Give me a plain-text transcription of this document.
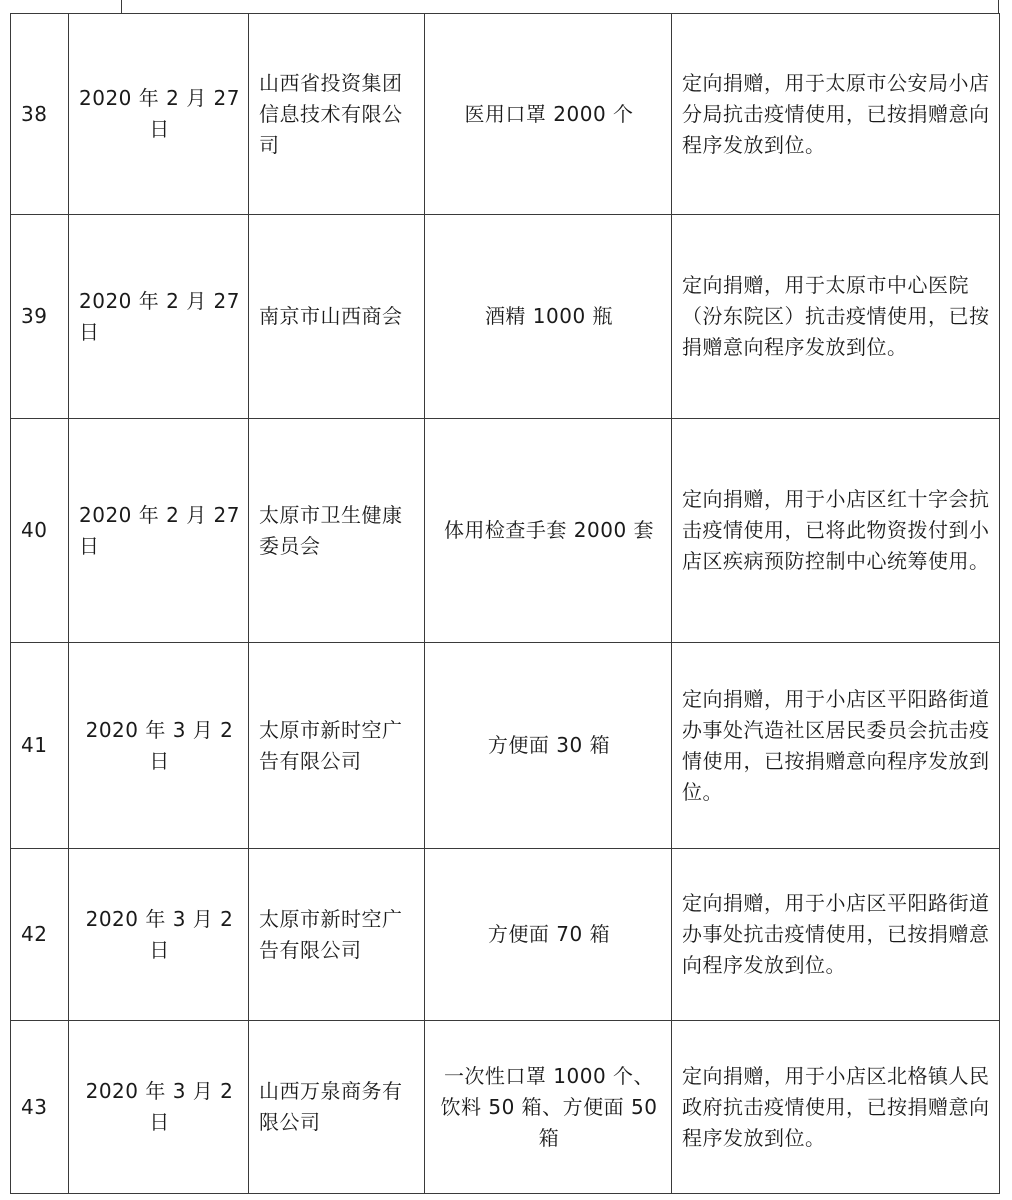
38	2020 年 2 月 27 日	山西省投资集团信息技术有限公司	医用口罩 2000 个	定向捐赠，用于太原市公安局小店分局抗击疫情使用，已按捐赠意向程序发放到位。
39	2020 年 2 月 27 日	南京市山西商会	酒精 1000 瓶	定向捐赠，用于太原市中心医院（汾东院区）抗击疫情使用，已按捐赠意向程序发放到位。
40	2020 年 2 月 27 日	太原市卫生健康委员会	体用检查手套 2000 套	定向捐赠，用于小店区红十字会抗击疫情使用，已将此物资拨付到小店区疾病预防控制中心统筹使用。
41	2020 年 3 月 2 日	太原市新时空广告有限公司	方便面 30 箱	定向捐赠，用于小店区平阳路街道办事处汽造社区居民委员会抗击疫情使用，已按捐赠意向程序发放到位。
42	2020 年 3 月 2 日	太原市新时空广告有限公司	方便面 70 箱	定向捐赠，用于小店区平阳路街道办事处抗击疫情使用，已按捐赠意向程序发放到位。
43	2020 年 3 月 2 日	山西万泉商务有限公司	一次性口罩 1000 个、饮料 50 箱、方便面 50 箱	定向捐赠，用于小店区北格镇人民政府抗击疫情使用，已按捐赠意向程序发放到位。
